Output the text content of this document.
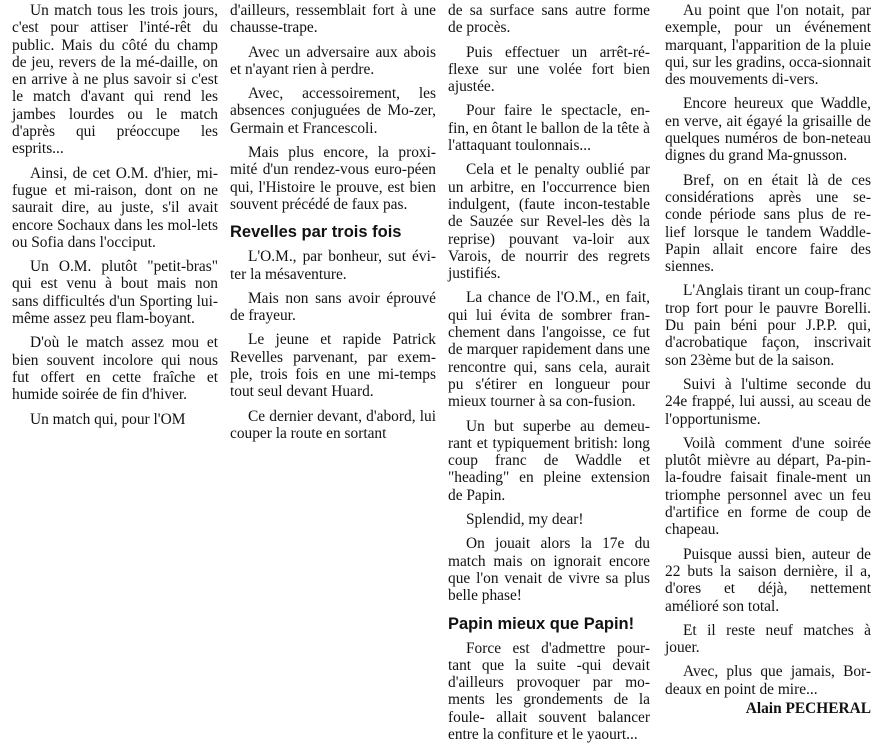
Un match tous les trois jours, c'est pour attiser l'inté-rêt du public. Mais du côté du champ de jeu, revers de la mé-daille, on en arrive à ne plus savoir si c'est le match d'avant qui rend les jambes lourdes ou le match d'après qui préoccupe les esprits...

Ainsi, de cet O.M. d'hier, mi-fugue et mi-raison, dont on ne saurait dire, au juste, s'il avait encore Sochaux dans les mol-lets ou Sofia dans l'occiput.

Un O.M. plutôt "petit-bras" qui est venu à bout mais non sans difficultés d'un Sporting lui-même assez peu flam-boyant.

D'où le match assez mou et bien souvent incolore qui nous fut offert en cette fraîche et humide soirée de fin d'hiver.

Un match qui, pour l'OM

d'ailleurs, ressemblait fort à une chausse-trape.

Avec un adversaire aux abois et n'ayant rien à perdre.

Avec, accessoirement, les absences conjuguées de Mo-zer, Germain et Francescoli.

Mais plus encore, la proxi-mité d'un rendez-vous euro-péen qui, l'Histoire le prouve, est bien souvent précédé de faux pas.

Revelles par trois fois

L'O.M., par bonheur, sut évi-ter la mésaventure.

Mais non sans avoir éprouvé de frayeur.

Le jeune et rapide Patrick Revelles parvenant, par exem-ple, trois fois en une mi-temps tout seul devant Huard.

Ce dernier devant, d'abord, lui couper la route en sortant

de sa surface sans autre forme de procès.

Puis effectuer un arrêt-ré-flexe sur une volée fort bien ajustée.

Pour faire le spectacle, en-fin, en ôtant le ballon de la tête à l'attaquant toulonnais...

Cela et le penalty oublié par un arbitre, en l'occurrence bien indulgent, (faute incon-testable de Sauzée sur Revel-les dès la reprise) pouvant va-loir aux Varois, de nourrir des regrets justifiés.

La chance de l'O.M., en fait, qui lui évita de sombrer fran-chement dans l'angoisse, ce fut de marquer rapidement dans une rencontre qui, sans cela, aurait pu s'étirer en longueur pour mieux tourner à sa con-fusion.

Un but superbe au demeu-rant et typiquement british: long coup franc de Waddle et "heading" en pleine extension de Papin.

Splendid, my dear!

On jouait alors la 17e du match mais on ignorait encore que l'on venait de vivre sa plus belle phase!

Papin mieux que Papin!

Force est d'admettre pour-tant que la suite -qui devait d'ailleurs provoquer par mo-ments les grondements de la foule- allait souvent balancer entre la confiture et le yaourt...

Au point que l'on notait, par exemple, pour un événement marquant, l'apparition de la pluie qui, sur les gradins, occa-sionnait des mouvements di-vers.

Encore heureux que Waddle, en verve, ait égayé la grisaille de quelques numéros de bon-neteau dignes du grand Ma-gnusson.

Bref, on en était là de ces considérations après une se-conde période sans plus de re-lief lorsque le tandem Waddle-Papin allait encore faire des siennes.

L'Anglais tirant un coup-franc trop fort pour le pauvre Borelli. Du pain béni pour J.P.P. qui, d'acrobatique façon, inscrivait son 23ème but de la saison.

Suivi à l'ultime seconde du 24e frappé, lui aussi, au sceau de l'opportunisme.

Voilà comment d'une soirée plutôt mièvre au départ, Pa-pin-la-foudre faisait finale-ment un triomphe personnel avec un feu d'artifice en forme de coup de chapeau.

Puisque aussi bien, auteur de 22 buts la saison dernière, il a, d'ores et déjà, nettement amélioré son total.

Et il reste neuf matches à jouer.

Avec, plus que jamais, Bor-deaux en point de mire...

Alain PECHERAL
